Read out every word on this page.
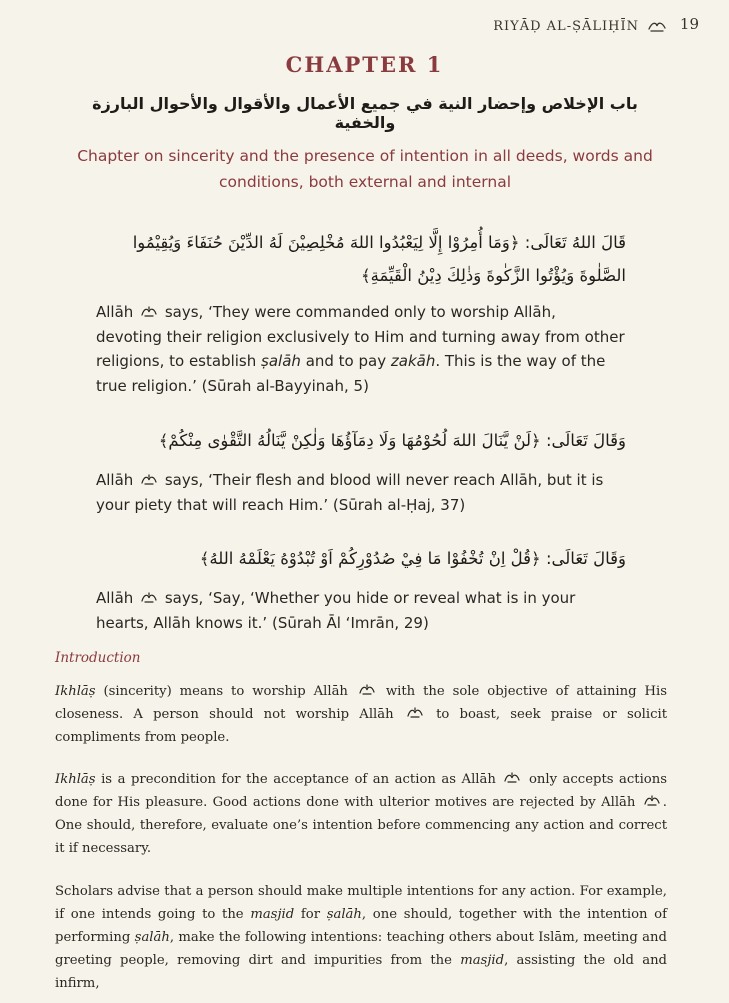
RIYĀḌ AL-ṢĀLIḤĪN	19
CHAPTER 1
باب الإخلاص وإحضار النية في جميع الأعمال والأقوال والأحوال البارزة والخفية
Chapter on sincerity and the presence of intention in all deeds, words and conditions, both external and internal
قَالَ اللهُ تَعَالَى: ﴿وَمَا أُمِرُوْا إِلَّا لِيَعْبُدُوا اللهَ مُخْلِصِيْنَ لَهُ الدِّيْنَ حُنَفَاءَ وَيُقِيْمُوا الصَّلٰوةَ وَيُؤْتُوا الزَّكٰوةَ وَذٰلِكَ دِيْنُ الْقَيِّمَةِ﴾
Allāh says, ‘They were commanded only to worship Allāh, devoting their religion exclusively to Him and turning away from other religions, to establish ṣalāh and to pay zakāh. This is the way of the true religion.’ (Sūrah al-Bayyinah, 5)
وَقَالَ تَعَالَى: ﴿لَنْ يَّنَالَ اللهَ لُحُوْمُهَا وَلَا دِمَآؤُهَا وَلٰكِنْ يَّنَالُهُ التَّقْوٰى مِنْكُمْ﴾
Allāh says, ‘Their flesh and blood will never reach Allāh, but it is your piety that will reach Him.’ (Sūrah al-Ḥaj, 37)
وَقَالَ تَعَالَى: ﴿قُلْ اِنْ تُخْفُوْا مَا فِيْ صُدُوْرِكُمْ اَوْ تُبْدُوْهُ يَعْلَمْهُ اللهُ﴾
Allāh says, ‘Say, ‘Whether you hide or reveal what is in your hearts, Allāh knows it.’ (Sūrah Āl ‘Imrān, 29)
Introduction
Ikhlāṣ (sincerity) means to worship Allāh	with the sole objective of attaining His closeness. A person should not worship Allāh	to boast, seek praise or solicit compliments from people.
Ikhlāṣ is a precondition for the acceptance of an action as Allāh	only accepts actions done for His pleasure. Good actions done with ulterior motives are rejected by Allāh . One should, therefore, evaluate one’s intention before commencing any action and correct it if necessary.
Scholars advise that a person should make multiple intentions for any action. For example, if one intends going to the masjid for ṣalāh, one should, together with the intention of performing ṣalāh, make the following intentions: teaching others about Islām, meeting and greeting people, removing dirt and impurities from the masjid, assisting the old and infirm,
